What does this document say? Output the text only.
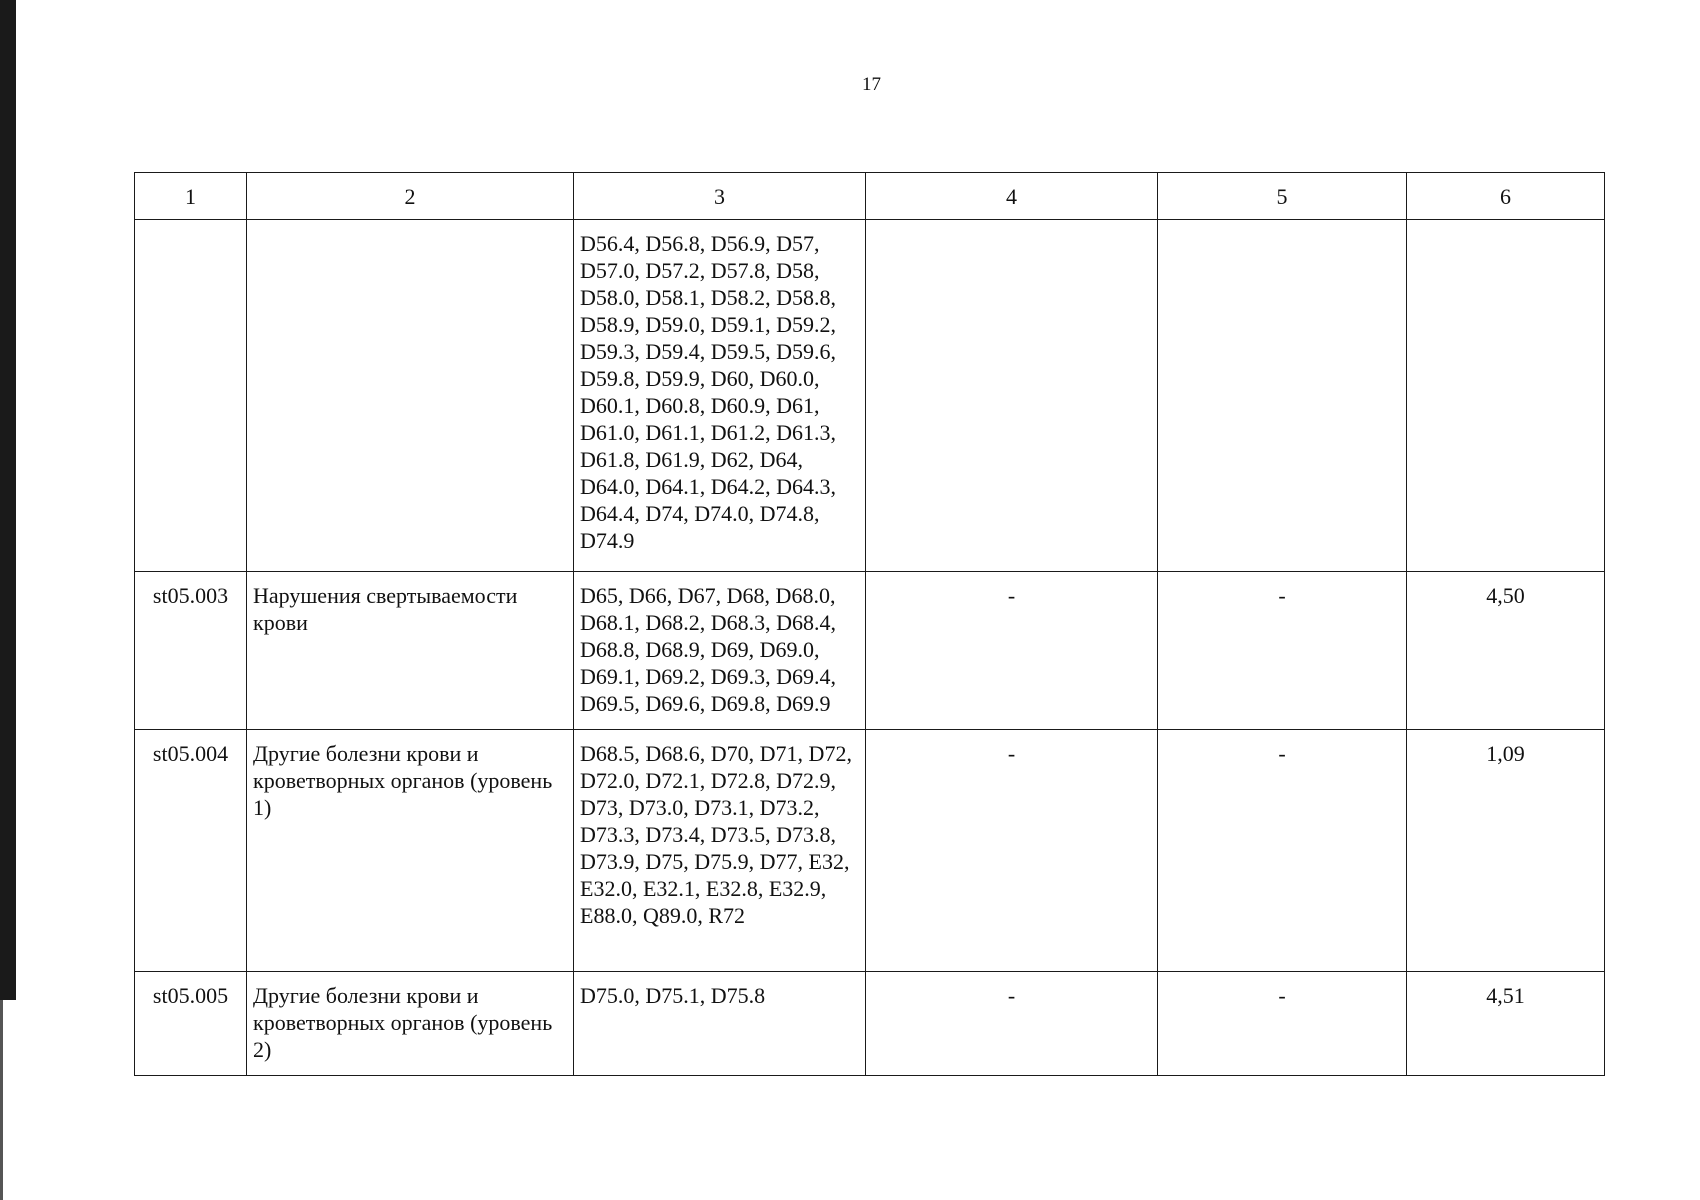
17
1	2	3	4	5	6
		D56.4, D56.8, D56.9, D57, D57.0, D57.2, D57.8, D58, D58.0, D58.1, D58.2, D58.8, D58.9, D59.0, D59.1, D59.2, D59.3, D59.4, D59.5, D59.6, D59.8, D59.9, D60, D60.0, D60.1, D60.8, D60.9, D61, D61.0, D61.1, D61.2, D61.3, D61.8, D61.9, D62, D64, D64.0, D64.1, D64.2, D64.3, D64.4, D74, D74.0, D74.8, D74.9			
st05.003	Нарушения свертываемости крови	D65, D66, D67, D68, D68.0, D68.1, D68.2, D68.3, D68.4, D68.8, D68.9, D69, D69.0, D69.1, D69.2, D69.3, D69.4, D69.5, D69.6, D69.8, D69.9	-	-	4,50
st05.004	Другие болезни крови и кроветворных органов (уровень 1)	D68.5, D68.6, D70, D71, D72, D72.0, D72.1, D72.8, D72.9, D73, D73.0, D73.1, D73.2, D73.3, D73.4, D73.5, D73.8, D73.9, D75, D75.9, D77, E32, E32.0, E32.1, E32.8, E32.9, E88.0, Q89.0, R72	-	-	1,09
st05.005	Другие болезни крови и кроветворных органов (уровень 2)	D75.0, D75.1, D75.8	-	-	4,51
